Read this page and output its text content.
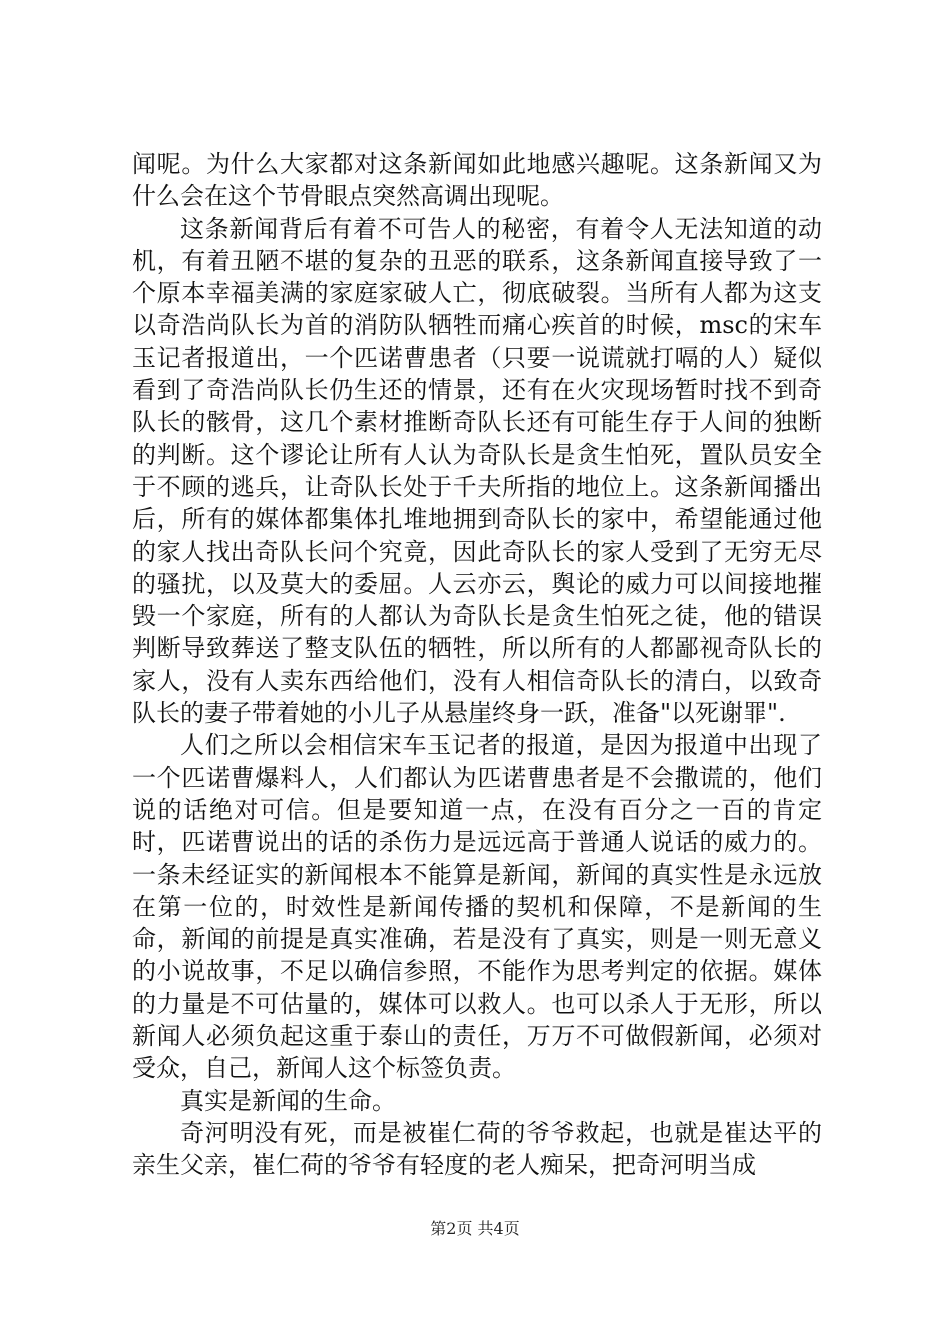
闻呢。为什么大家都对这条新闻如此地感兴趣呢。这条新闻又为什么会在这个节骨眼点突然高调出现呢。

这条新闻背后有着不可告人的秘密，有着令人无法知道的动机，有着丑陋不堪的复杂的丑恶的联系，这条新闻直接导致了一个原本幸福美满的家庭家破人亡，彻底破裂。当所有人都为这支以奇浩尚队长为首的消防队牺牲而痛心疾首的时候，msc的宋车玉记者报道出，一个匹诺曹患者（只要一说谎就打嗝的人）疑似看到了奇浩尚队长仍生还的情景，还有在火灾现场暂时找不到奇队长的骸骨，这几个素材推断奇队长还有可能生存于人间的独断的判断。这个谬论让所有人认为奇队长是贪生怕死，置队员安全于不顾的逃兵，让奇队长处于千夫所指的地位上。这条新闻播出后，所有的媒体都集体扎堆地拥到奇队长的家中，希望能通过他的家人找出奇队长问个究竟，因此奇队长的家人受到了无穷无尽的骚扰，以及莫大的委屈。人云亦云，舆论的威力可以间接地摧毁一个家庭，所有的人都认为奇队长是贪生怕死之徒，他的错误判断导致葬送了整支队伍的牺牲，所以所有的人都鄙视奇队长的家人，没有人卖东西给他们，没有人相信奇队长的清白，以致奇队长的妻子带着她的小儿子从悬崖终身一跃，准备"以死谢罪".

人们之所以会相信宋车玉记者的报道，是因为报道中出现了一个匹诺曹爆料人，人们都认为匹诺曹患者是不会撒谎的，他们说的话绝对可信。但是要知道一点，在没有百分之一百的肯定时，匹诺曹说出的话的杀伤力是远远高于普通人说话的威力的。一条未经证实的新闻根本不能算是新闻，新闻的真实性是永远放在第一位的，时效性是新闻传播的契机和保障，不是新闻的生命，新闻的前提是真实准确，若是没有了真实，则是一则无意义的小说故事，不足以确信参照，不能作为思考判定的依据。媒体的力量是不可估量的，媒体可以救人。也可以杀人于无形，所以新闻人必须负起这重于泰山的责任，万万不可做假新闻，必须对受众，自己，新闻人这个标签负责。

真实是新闻的生命。

奇河明没有死，而是被崔仁荷的爷爷救起，也就是崔达平的亲生父亲，崔仁荷的爷爷有轻度的老人痴呆，把奇河明当成

第2页 共4页
